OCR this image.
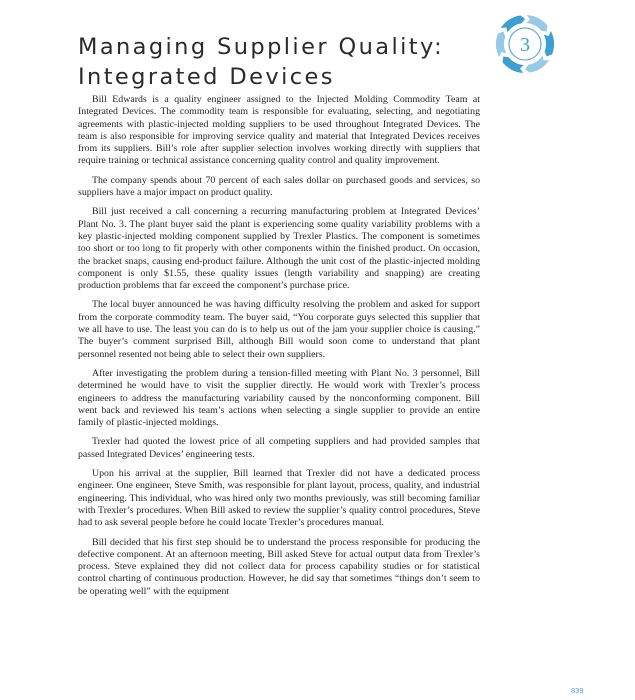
Managing Supplier Quality:
Integrated Devices
3

Bill Edwards is a quality engineer assigned to the Injected Molding Commodity Team at Integrated Devices. The commodity team is responsible for evaluating, selecting, and negotiating agreements with plastic-injected molding suppliers to be used throughout Integrated Devices. The team is also responsible for improving service quality and material that Integrated Devices receives from its suppliers. Bill’s role after supplier selection involves working directly with suppliers that require training or technical assistance concerning quality control and quality improvement.

The company spends about 70 percent of each sales dollar on purchased goods and services, so suppliers have a major impact on product quality.

Bill just received a call concerning a recurring manufacturing problem at Integrated Devices’ Plant No. 3. The plant buyer said the plant is experiencing some quality variability problems with a key plastic-injected molding component supplied by Trexler Plastics. The component is sometimes too short or too long to fit properly with other components within the finished product. On occasion, the bracket snaps, causing end-product failure. Although the unit cost of the plastic-injected molding component is only $1.55, these quality issues (length variability and snapping) are creating production problems that far exceed the component’s purchase price.

The local buyer announced he was having difficulty resolving the problem and asked for support from the corporate commodity team. The buyer said, “You corporate guys selected this supplier that we all have to use. The least you can do is to help us out of the jam your supplier choice is causing.” The buyer’s comment surprised Bill, although Bill would soon come to understand that plant personnel resented not being able to select their own suppliers.

After investigating the problem during a tension-filled meeting with Plant No. 3 personnel, Bill determined he would have to visit the supplier directly. He would work with Trexler’s process engineers to address the manufacturing variability caused by the nonconforming component. Bill went back and reviewed his team’s actions when selecting a single supplier to provide an entire family of plastic-injected moldings.

Trexler had quoted the lowest price of all competing suppliers and had provided samples that passed Integrated Devices’ engineering tests.

Upon his arrival at the supplier, Bill learned that Trexler did not have a dedicated process engineer. One engineer, Steve Smith, was responsible for plant layout, process, quality, and industrial engineering. This individual, who was hired only two months previously, was still becoming familiar with Trexler’s procedures. When Bill asked to review the supplier’s quality control procedures, Steve had to ask several people before he could locate Trexler’s procedures manual.

Bill decided that his first step should be to understand the process responsible for producing the defective component. At an afternoon meeting, Bill asked Steve for actual output data from Trexler’s process. Steve explained they did not collect data for process capability studies or for statistical control charting of continuous production. However, he did say that sometimes “things don’t seem to be operating well” with the equipment

839
